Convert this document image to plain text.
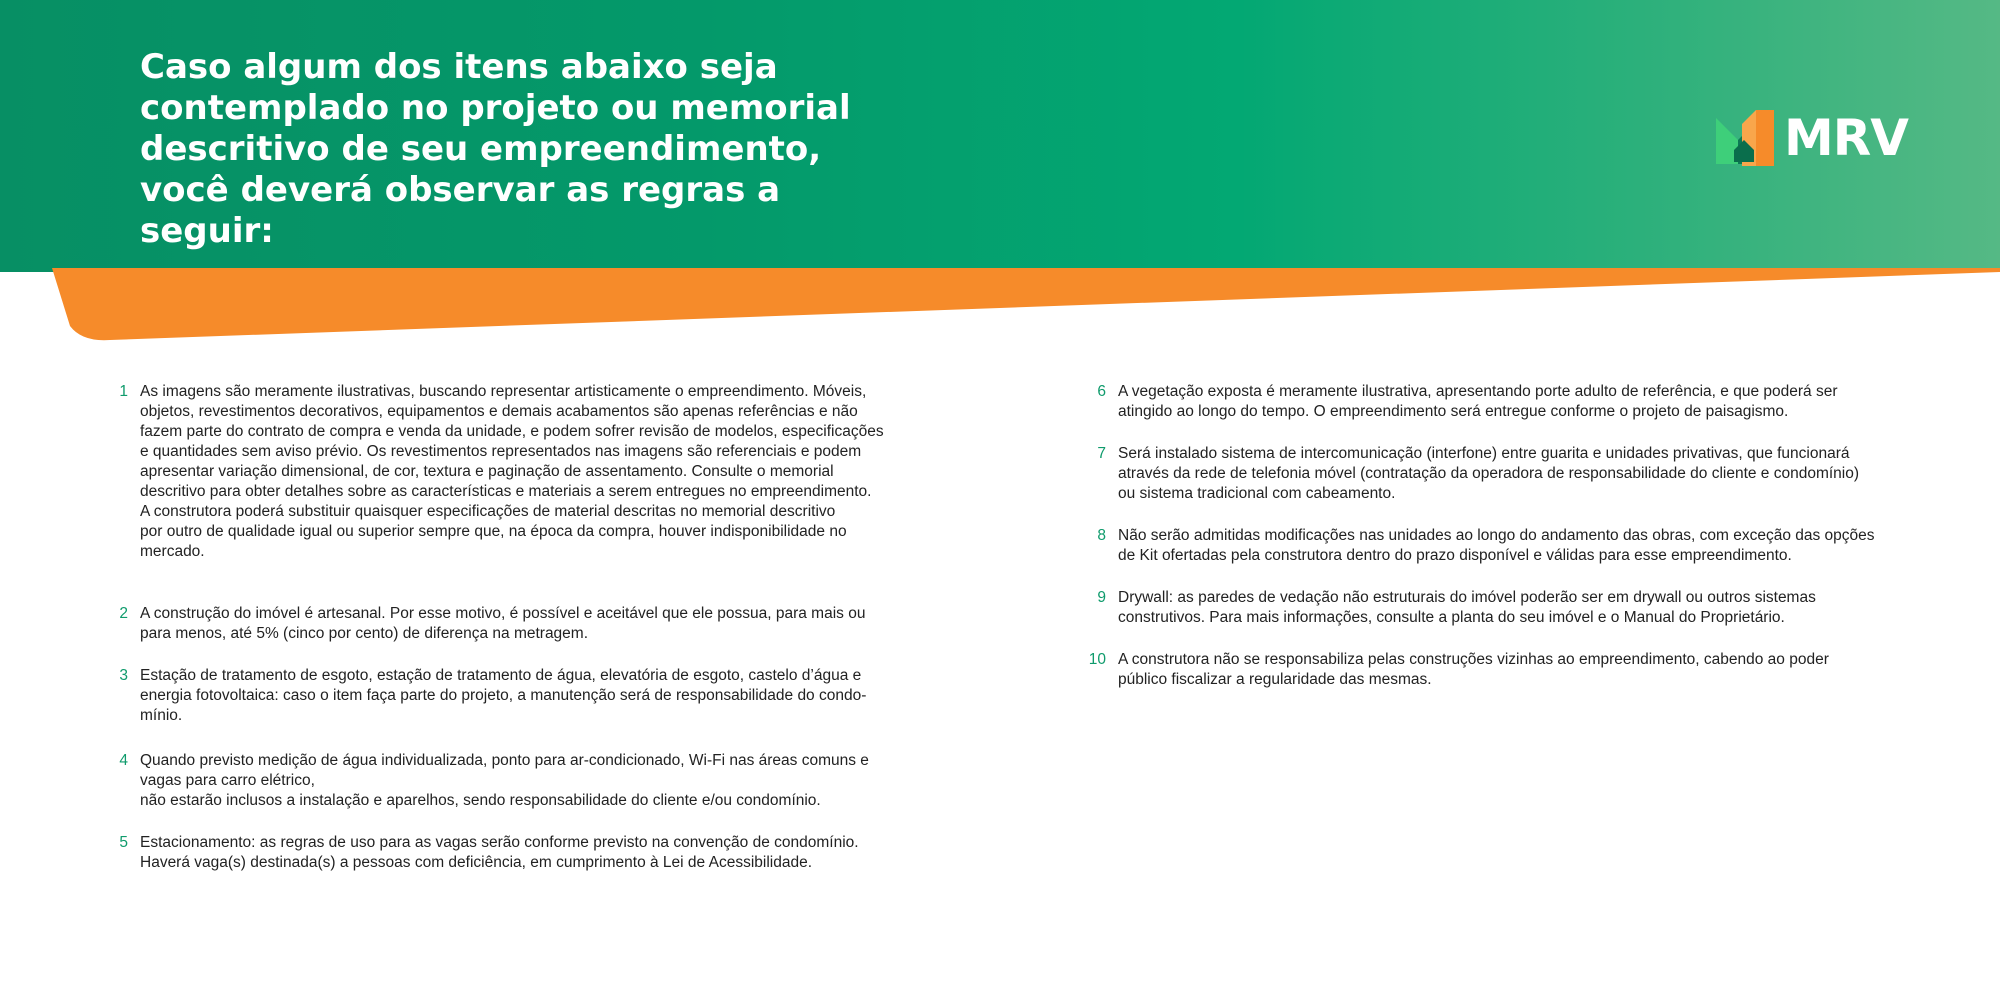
Caso algum dos itens abaixo seja contemplado no projeto ou memorial descritivo de seu empreendimento, você deverá observar as regras a seguir:
MRV
1 As imagens são meramente ilustrativas, buscando representar artisticamente o empreendimento. Móveis,
objetos, revestimentos decorativos, equipamentos e demais acabamentos são apenas referências e não
fazem parte do contrato de compra e venda da unidade, e podem sofrer revisão de modelos, especificações
e quantidades sem aviso prévio. Os revestimentos representados nas imagens são referenciais e podem
apresentar variação dimensional, de cor, textura e paginação de assentamento. Consulte o memorial
descritivo para obter detalhes sobre as características e materiais a serem entregues no empreendimento.
A construtora poderá substituir quaisquer especificações de material descritas no memorial descritivo
por outro de qualidade igual ou superior sempre que, na época da compra, houver indisponibilidade no
mercado.

2 A construção do imóvel é artesanal. Por esse motivo, é possível e aceitável que ele possua, para mais ou
para menos, até 5% (cinco por cento) de diferença na metragem.

3 Estação de tratamento de esgoto, estação de tratamento de água, elevatória de esgoto, castelo d’água e
energia fotovoltaica: caso o item faça parte do projeto, a manutenção será de responsabilidade do condo-
mínio.

4 Quando previsto medição de água individualizada, ponto para ar-condicionado, Wi-Fi nas áreas comuns e
vagas para carro elétrico,
não estarão inclusos a instalação e aparelhos, sendo responsabilidade do cliente e/ou condomínio.

5 Estacionamento: as regras de uso para as vagas serão conforme previsto na convenção de condomínio.
Haverá vaga(s) destinada(s) a pessoas com deficiência, em cumprimento à Lei de Acessibilidade.

6 A vegetação exposta é meramente ilustrativa, apresentando porte adulto de referência, e que poderá ser
atingido ao longo do tempo. O empreendimento será entregue conforme o projeto de paisagismo.

7 Será instalado sistema de intercomunicação (interfone) entre guarita e unidades privativas, que funcionará
através da rede de telefonia móvel (contratação da operadora de responsabilidade do cliente e condomínio)
ou sistema tradicional com cabeamento.

8 Não serão admitidas modificações nas unidades ao longo do andamento das obras, com exceção das opções
de Kit ofertadas pela construtora dentro do prazo disponível e válidas para esse empreendimento.

9 Drywall: as paredes de vedação não estruturais do imóvel poderão ser em drywall ou outros sistemas
construtivos. Para mais informações, consulte a planta do seu imóvel e o Manual do Proprietário.

10 A construtora não se responsabiliza pelas construções vizinhas ao empreendimento, cabendo ao poder
público fiscalizar a regularidade das mesmas.
